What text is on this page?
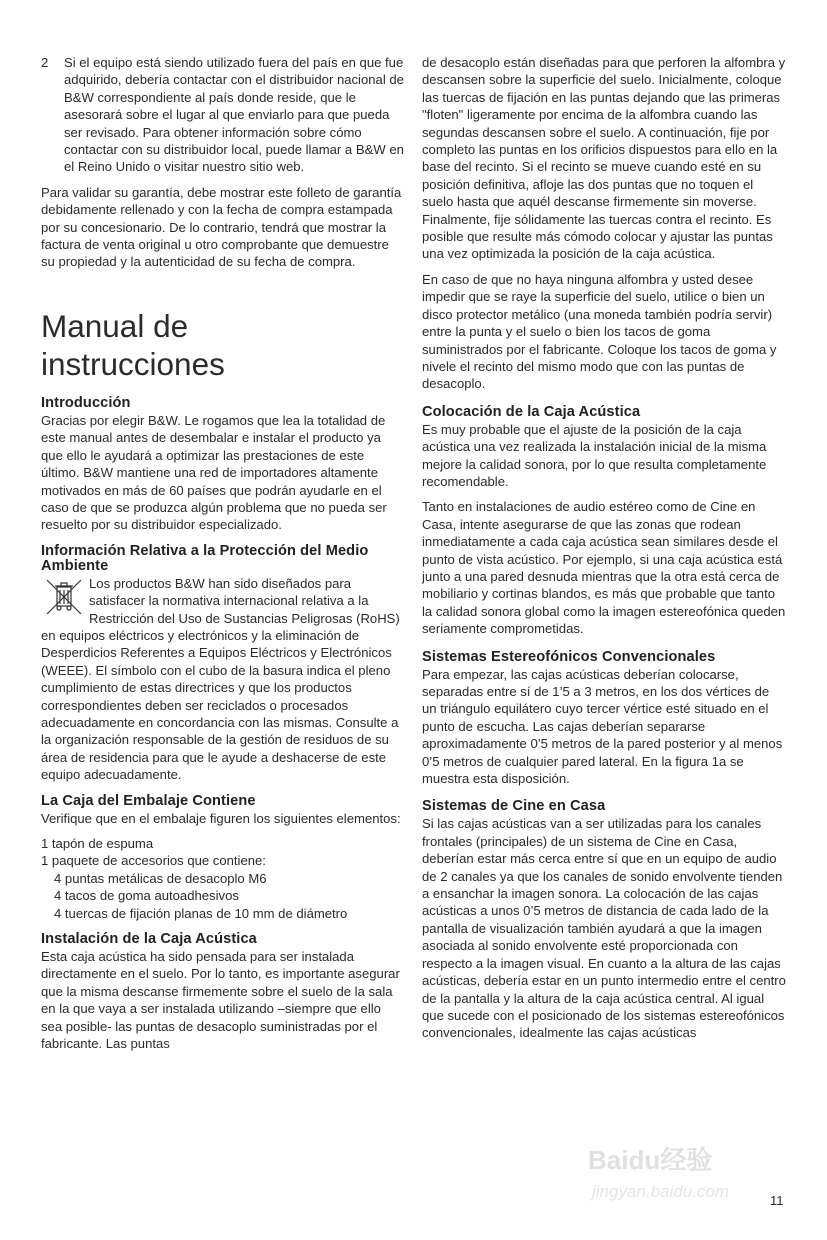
2 Si el equipo está siendo utilizado fuera del país en que fue adquirido, debería contactar con el distribuidor nacional de B&W correspondiente al país donde reside, que le asesorará sobre el lugar al que enviarlo para que pueda ser revisado. Para obtener información sobre cómo contactar con su distribuidor local, puede llamar a B&W en el Reino Unido o visitar nuestro sitio web.

Para validar su garantía, debe mostrar este folleto de garantía debidamente rellenado y con la fecha de compra estampada por su concesionario. De lo contrario, tendrá que mostrar la factura de venta original u otro comprobante que demuestre su propiedad y la autenticidad de su fecha de compra.

Manual de
instrucciones
Introducción

Gracias por elegir B&W. Le rogamos que lea la totalidad de este manual antes de desembalar e instalar el producto ya que ello le ayudará a optimizar las prestaciones de este último. B&W mantiene una red de importadores altamente motivados en más de 60 países que podrán ayudarle en el caso de que se produzca algún problema que no pueda ser resuelto por su distribuidor especializado.

Información Relativa a la Protección del Medio Ambiente

Los productos B&W han sido diseñados para satisfacer la normativa internacional relativa a la Restricción del Uso de Sustancias Peligrosas (RoHS) en equipos eléctricos y electrónicos y la eliminación de Desperdicios Referentes a Equipos Eléctricos y Electrónicos (WEEE). El símbolo con el cubo de la basura indica el pleno cumplimiento de estas directrices y que los productos correspondientes deben ser reciclados o procesados adecuadamente en concordancia con las mismas. Consulte a la organización responsable de la gestión de residuos de su área de residencia para que le ayude a deshacerse de este equipo adecuadamente.

La Caja del Embalaje Contiene

Verifique que en el embalaje figuren los siguientes elementos:

1 tapón de espuma
1 paquete de accesorios que contiene:
4 puntas metálicas de desacoplo M6
4 tacos de goma autoadhesivos
4 tuercas de fijación planas de 10 mm de diámetro
Instalación de la Caja Acústica

Esta caja acústica ha sido pensada para ser instalada directamente en el suelo. Por lo tanto, es importante asegurar que la misma descanse firmemente sobre el suelo de la sala en la que vaya a ser instalada utilizando –siempre que ello sea posible- las puntas de desacoplo suministradas por el fabricante. Las puntas

de desacoplo están diseñadas para que perforen la alfombra y descansen sobre la superficie del suelo. Inicialmente, coloque las tuercas de fijación en las puntas dejando que las primeras "floten" ligeramente por encima de la alfombra cuando las segundas descansen sobre el suelo. A continuación, fije por completo las puntas en los orificios dispuestos para ello en la base del recinto. Si el recinto se mueve cuando esté en su posición definitiva, afloje las dos puntas que no toquen el suelo hasta que aquél descanse firmemente sin moverse. Finalmente, fije sólidamente las tuercas contra el recinto. Es posible que resulte más cómodo colocar y ajustar las puntas una vez optimizada la posición de la caja acústica.

En caso de que no haya ninguna alfombra y usted desee impedir que se raye la superficie del suelo, utilice o bien un disco protector metálico (una moneda también podría servir) entre la punta y el suelo o bien los tacos de goma suministrados por el fabricante. Coloque los tacos de goma y nivele el recinto del mismo modo que con las puntas de desacoplo.

Colocación de la Caja Acústica

Es muy probable que el ajuste de la posición de la caja acústica una vez realizada la instalación inicial de la misma mejore la calidad sonora, por lo que resulta completamente recomendable.

Tanto en instalaciones de audio estéreo como de Cine en Casa, intente asegurarse de que las zonas que rodean inmediatamente a cada caja acústica sean similares desde el punto de vista acústico. Por ejemplo, si una caja acústica está junto a una pared desnuda mientras que la otra está cerca de mobiliario y cortinas blandos, es más que probable que tanto la calidad sonora global como la imagen estereofónica queden seriamente comprometidas.

Sistemas Estereofónicos Convencionales

Para empezar, las cajas acústicas deberían colocarse, separadas entre sí de 1’5 a 3 metros, en los dos vértices de un triángulo equilátero cuyo tercer vértice esté situado en el punto de escucha. Las cajas deberían separarse aproximadamente 0’5 metros de la pared posterior y al menos 0’5 metros de cualquier pared lateral. En la figura 1a se muestra esta disposición.

Sistemas de Cine en Casa

Si las cajas acústicas van a ser utilizadas para los canales frontales (principales) de un sistema de Cine en Casa, deberían estar más cerca entre sí que en un equipo de audio de 2 canales ya que los canales de sonido envolvente tienden a ensanchar la imagen sonora. La colocación de las cajas acústicas a unos 0’5 metros de distancia de cada lado de la pantalla de visualización también ayudará a que la imagen asociada al sonido envolvente esté proporcionada con respecto a la imagen visual. En cuanto a la altura de las cajas acústicas, debería estar en un punto intermedio entre el centro de la pantalla y la altura de la caja acústica central. Al igual que sucede con el posicionado de los sistemas estereofónicos convencionales, idealmente las cajas acústicas

Baidu经验
jingyan.baidu.com	11
